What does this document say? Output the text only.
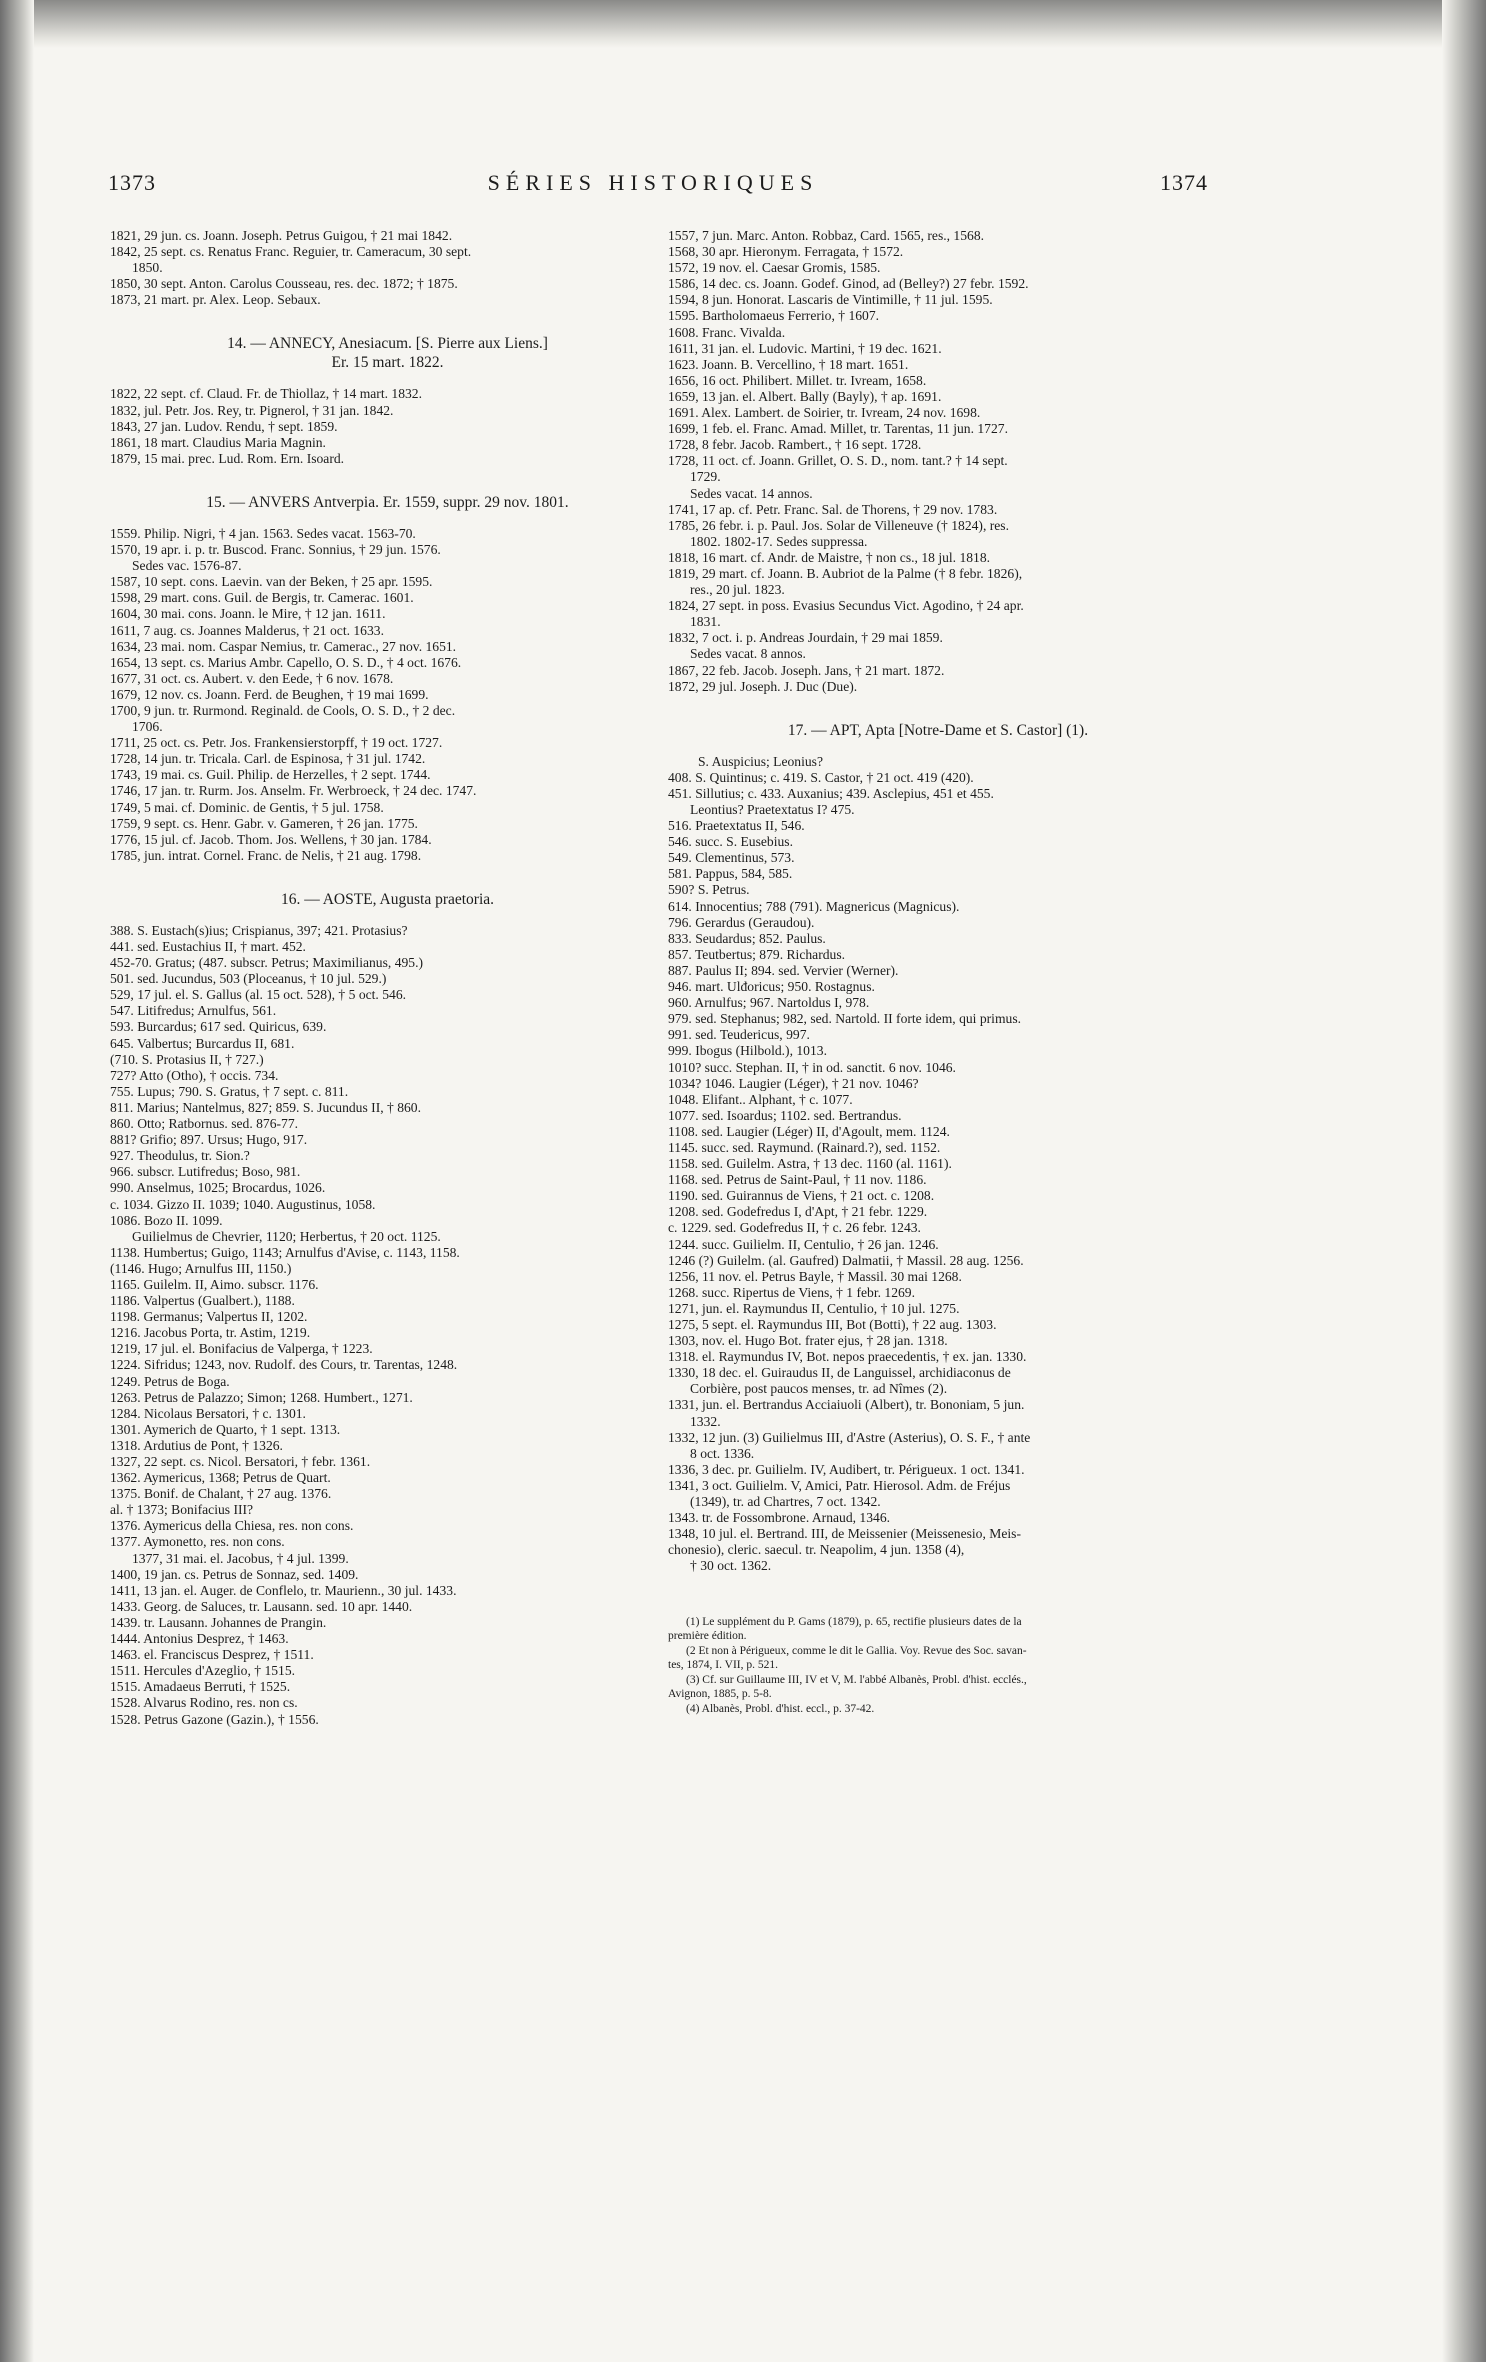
1373	SÉRIES HISTORIQUES	1374
1821, 29 jun. cs. Joann. Joseph. Petrus Guigou, † 21 mai 1842.
1842, 25 sept. cs. Renatus Franc. Reguier, tr. Cameracum, 30 sept.
1850.
1850, 30 sept. Anton. Carolus Cousseau, res. dec. 1872; † 1875.
1873, 21 mart. pr. Alex. Leop. Sebaux.
14. — ANNECY, Anesiacum. [S. Pierre aux Liens.]
Er. 15 mart. 1822.
1822, 22 sept. cf. Claud. Fr. de Thiollaz, † 14 mart. 1832.
1832, jul. Petr. Jos. Rey, tr. Pignerol, † 31 jan. 1842.
1843, 27 jan. Ludov. Rendu, † sept. 1859.
1861, 18 mart. Claudius Maria Magnin.
1879, 15 mai. prec. Lud. Rom. Ern. Isoard.
15. — ANVERS Antverpia. Er. 1559, suppr. 29 nov. 1801.
1559. Philip. Nigri, † 4 jan. 1563. Sedes vacat. 1563-70.
1570, 19 apr. i. p. tr. Buscod. Franc. Sonnius, † 29 jun. 1576.
Sedes vac. 1576-87.
1587, 10 sept. cons. Laevin. van der Beken, † 25 apr. 1595.
1598, 29 mart. cons. Guil. de Bergis, tr. Camerac. 1601.
1604, 30 mai. cons. Joann. le Mire, † 12 jan. 1611.
1611, 7 aug. cs. Joannes Malderus, † 21 oct. 1633.
1634, 23 mai. nom. Caspar Nemius, tr. Camerac., 27 nov. 1651.
1654, 13 sept. cs. Marius Ambr. Capello, O. S. D., † 4 oct. 1676.
1677, 31 oct. cs. Aubert. v. den Eede, † 6 nov. 1678.
1679, 12 nov. cs. Joann. Ferd. de Beughen, † 19 mai 1699.
1700, 9 jun. tr. Rurmond. Reginald. de Cools, O. S. D., † 2 dec.
1706.
1711, 25 oct. cs. Petr. Jos. Frankensierstorpff, † 19 oct. 1727.
1728, 14 jun. tr. Tricala. Carl. de Espinosa, † 31 jul. 1742.
1743, 19 mai. cs. Guil. Philip. de Herzelles, † 2 sept. 1744.
1746, 17 jan. tr. Rurm. Jos. Anselm. Fr. Werbroeck, † 24 dec. 1747.
1749, 5 mai. cf. Dominic. de Gentis, † 5 jul. 1758.
1759, 9 sept. cs. Henr. Gabr. v. Gameren, † 26 jan. 1775.
1776, 15 jul. cf. Jacob. Thom. Jos. Wellens, † 30 jan. 1784.
1785, jun. intrat. Cornel. Franc. de Nelis, † 21 aug. 1798.
16. — AOSTE, Augusta praetoria.
388. S. Eustach(s)ius; Crispianus, 397; 421. Protasius?
441. sed. Eustachius II, † mart. 452.
452-70. Gratus; (487. subscr. Petrus; Maximilianus, 495.)
501. sed. Jucundus, 503 (Ploceanus, † 10 jul. 529.)
529, 17 jul. el. S. Gallus (al. 15 oct. 528), † 5 oct. 546.
547. Litifredus; Arnulfus, 561.
593. Burcardus; 617 sed. Quiricus, 639.
645. Valbertus; Burcardus II, 681.
(710. S. Protasius II, † 727.)
727? Atto (Otho), † occis. 734.
755. Lupus; 790. S. Gratus, † 7 sept. c. 811.
811. Marius; Nantelmus, 827; 859. S. Jucundus II, † 860.
860. Otto; Ratbornus. sed. 876-77.
881? Grifio; 897. Ursus; Hugo, 917.
927. Theodulus, tr. Sion.?
966. subscr. Lutifredus; Boso, 981.
990. Anselmus, 1025; Brocardus, 1026.
c. 1034. Gizzo II. 1039; 1040. Augustinus, 1058.
1086. Bozo II. 1099.
Guilielmus de Chevrier, 1120; Herbertus, † 20 oct. 1125.
1138. Humbertus; Guigo, 1143; Arnulfus d'Avise, c. 1143, 1158.
(1146. Hugo; Arnulfus III, 1150.)
1165. Guilelm. II, Aimo. subscr. 1176.
1186. Valpertus (Gualbert.), 1188.
1198. Germanus; Valpertus II, 1202.
1216. Jacobus Porta, tr. Astim, 1219.
1219, 17 jul. el. Bonifacius de Valperga, † 1223.
1224. Sifridus; 1243, nov. Rudolf. des Cours, tr. Tarentas, 1248.
1249. Petrus de Boga.
1263. Petrus de Palazzo; Simon; 1268. Humbert., 1271.
1284. Nicolaus Bersatori, † c. 1301.
1301. Aymerich de Quarto, † 1 sept. 1313.
1318. Ardutius de Pont, † 1326.
1327, 22 sept. cs. Nicol. Bersatori, † febr. 1361.
1362. Aymericus, 1368; Petrus de Quart.
1375. Bonif. de Chalant, † 27 aug. 1376.
al. † 1373; Bonifacius III?
1376. Aymericus della Chiesa, res. non cons.
1377. Aymonetto, res. non cons.
1377, 31 mai. el. Jacobus, † 4 jul. 1399.
1400, 19 jan. cs. Petrus de Sonnaz, sed. 1409.
1411, 13 jan. el. Auger. de Conflelo, tr. Maurienn., 30 jul. 1433.
1433. Georg. de Saluces, tr. Lausann. sed. 10 apr. 1440.
1439. tr. Lausann. Johannes de Prangin.
1444. Antonius Desprez, † 1463.
1463. el. Franciscus Desprez, † 1511.
1511. Hercules d'Azeglio, † 1515.
1515. Amadaeus Berruti, † 1525.
1528. Alvarus Rodino, res. non cs.
1528. Petrus Gazone (Gazin.), † 1556.
1557, 7 jun. Marc. Anton. Robbaz, Card. 1565, res., 1568.
1568, 30 apr. Hieronym. Ferragata, † 1572.
1572, 19 nov. el. Caesar Gromis, 1585.
1586, 14 dec. cs. Joann. Godef. Ginod, ad (Belley?) 27 febr. 1592.
1594, 8 jun. Honorat. Lascaris de Vintimille, † 11 jul. 1595.
1595. Bartholomaeus Ferrerio, † 1607.
1608. Franc. Vivalda.
1611, 31 jan. el. Ludovic. Martini, † 19 dec. 1621.
1623. Joann. B. Vercellino, † 18 mart. 1651.
1656, 16 oct. Philibert. Millet. tr. Ivream, 1658.
1659, 13 jan. el. Albert. Bally (Bayly), † ap. 1691.
1691. Alex. Lambert. de Soirier, tr. Ivream, 24 nov. 1698.
1699, 1 feb. el. Franc. Amad. Millet, tr. Tarentas, 11 jun. 1727.
1728, 8 febr. Jacob. Rambert., † 16 sept. 1728.
1728, 11 oct. cf. Joann. Grillet, O. S. D., nom. tant.? † 14 sept.
1729.
Sedes vacat. 14 annos.
1741, 17 ap. cf. Petr. Franc. Sal. de Thorens, † 29 nov. 1783.
1785, 26 febr. i. p. Paul. Jos. Solar de Villeneuve († 1824), res.
1802. 1802-17. Sedes suppressa.
1818, 16 mart. cf. Andr. de Maistre, † non cs., 18 jul. 1818.
1819, 29 mart. cf. Joann. B. Aubriot de la Palme († 8 febr. 1826),
res., 20 jul. 1823.
1824, 27 sept. in poss. Evasius Secundus Vict. Agodino, † 24 apr.
1831.
1832, 7 oct. i. p. Andreas Jourdain, † 29 mai 1859.
Sedes vacat. 8 annos.
1867, 22 feb. Jacob. Joseph. Jans, † 21 mart. 1872.
1872, 29 jul. Joseph. J. Duc (Due).
17. — APT, Apta [Notre-Dame et S. Castor] (1).
S. Auspicius; Leonius?
408. S. Quintinus; c. 419. S. Castor, † 21 oct. 419 (420).
451. Sillutius; c. 433. Auxanius; 439. Asclepius, 451 et 455.
Leontius? Praetextatus I? 475.
516. Praetextatus II, 546.
546. succ. S. Eusebius.
549. Clementinus, 573.
581. Pappus, 584, 585.
590? S. Petrus.
614. Innocentius; 788 (791). Magnericus (Magnicus).
796. Gerardus (Geraudou).
833. Seudardus; 852. Paulus.
857. Teutbertus; 879. Richardus.
887. Paulus II; 894. sed. Vervier (Werner).
946. mart. Ulđoricus; 950. Rostagnus.
960. Arnulfus; 967. Nartoldus I, 978.
979. sed. Stephanus; 982, sed. Nartold. II forte idem, qui primus.
991. sed. Teudericus, 997.
999. Ibogus (Hilbold.), 1013.
1010? succ. Stephan. II, † in od. sanctit. 6 nov. 1046.
1034? 1046. Laugier (Léger), † 21 nov. 1046?
1048. Elifant.. Alphant, † c. 1077.
1077. sed. Isoardus; 1102. sed. Bertrandus.
1108. sed. Laugier (Léger) II, d'Agoult, mem. 1124.
1145. succ. sed. Raymund. (Rainard.?), sed. 1152.
1158. sed. Guilelm. Astra, † 13 dec. 1160 (al. 1161).
1168. sed. Petrus de Saint-Paul, † 11 nov. 1186.
1190. sed. Guirannus de Viens, † 21 oct. c. 1208.
1208. sed. Godefredus I, d'Apt, † 21 febr. 1229.
c. 1229. sed. Godefredus II, † c. 26 febr. 1243.
1244. succ. Guilielm. II, Centulio, † 26 jan. 1246.
1246 (?) Guilelm. (al. Gaufred) Dalmatii, † Massil. 28 aug. 1256.
1256, 11 nov. el. Petrus Bayle, † Massil. 30 mai 1268.
1268. succ. Ripertus de Viens, † 1 febr. 1269.
1271, jun. el. Raymundus II, Centulio, † 10 jul. 1275.
1275, 5 sept. el. Raymundus III, Bot (Botti), † 22 aug. 1303.
1303, nov. el. Hugo Bot. frater ejus, † 28 jan. 1318.
1318. el. Raymundus IV, Bot. nepos praecedentis, † ex. jan. 1330.
1330, 18 dec. el. Guiraudus II, de Languissel, archidiaconus de
Corbière, post paucos menses, tr. ad Nîmes (2).
1331, jun. el. Bertrandus Acciaiuoli (Albert), tr. Bononiam, 5 jun.
1332.
1332, 12 jun. (3) Guilielmus III, d'Astre (Asterius), O. S. F., † ante
8 oct. 1336.
1336, 3 dec. pr. Guilielm. IV, Audibert, tr. Périgueux. 1 oct. 1341.
1341, 3 oct. Guilielm. V, Amici, Patr. Hierosol. Adm. de Fréjus
(1349), tr. ad Chartres, 7 oct. 1342.
1343. tr. de Fossombrone. Arnaud, 1346.
1348, 10 jul. el. Bertrand. III, de Meissenier (Meissenesio, Meis-
chonesio), cleric. saecul. tr. Neapolim, 4 jun. 1358 (4),
† 30 oct. 1362.
(1) Le supplément du P. Gams (1879), p. 65, rectifie plusieurs dates de la
première édition.
(2 Et non à Périgueux, comme le dit le Gallia. Voy. Revue des Soc. savan-
tes, 1874, I. VII, p. 521.
(3) Cf. sur Guillaume III, IV et V, M. l'abbé Albanès, Probl. d'hist. ecclés.,
Avignon, 1885, p. 5-8.
(4) Albanès, Probl. d'hist. eccl., p. 37-42.
